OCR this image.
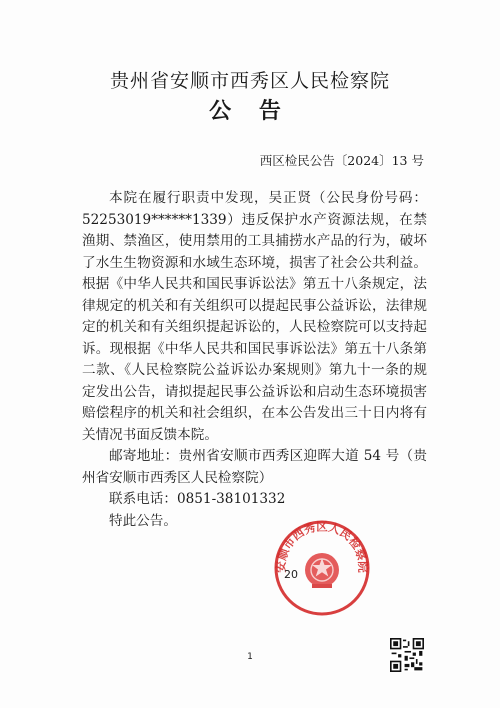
贵州省安顺市西秀区人民检察院
公 告
西区检民公告〔2024〕13 号

本院在履行职责中发现，吴正贤（公民身份号码：52253019******1339）违反保护水产资源法规，在禁渔期、禁渔区，使用禁用的工具捕捞水产品的行为，破坏了水生生物资源和水域生态环境，损害了社会公共利益。根据《中华人民共和国民事诉讼法》第五十八条规定，法律规定的机关和有关组织可以提起民事公益诉讼，法律规定的机关和有关组织提起诉讼的，人民检察院可以支持起诉。现根据《中华人民共和国民事诉讼法》第五十八条第二款、《人民检察院公益诉讼办案规则》第九十一条的规定发出公告，请拟提起民事公益诉讼和启动生态环境损害赔偿程序的机关和社会组织，在本公告发出三十日内将有关情况书面反馈本院。

邮寄地址：贵州省安顺市西秀区迎晖大道 54 号（贵州省安顺市西秀区人民检察院）

联系电话：0851-38101332

特此公告。

安顺市西秀区人民检察院
20
1
